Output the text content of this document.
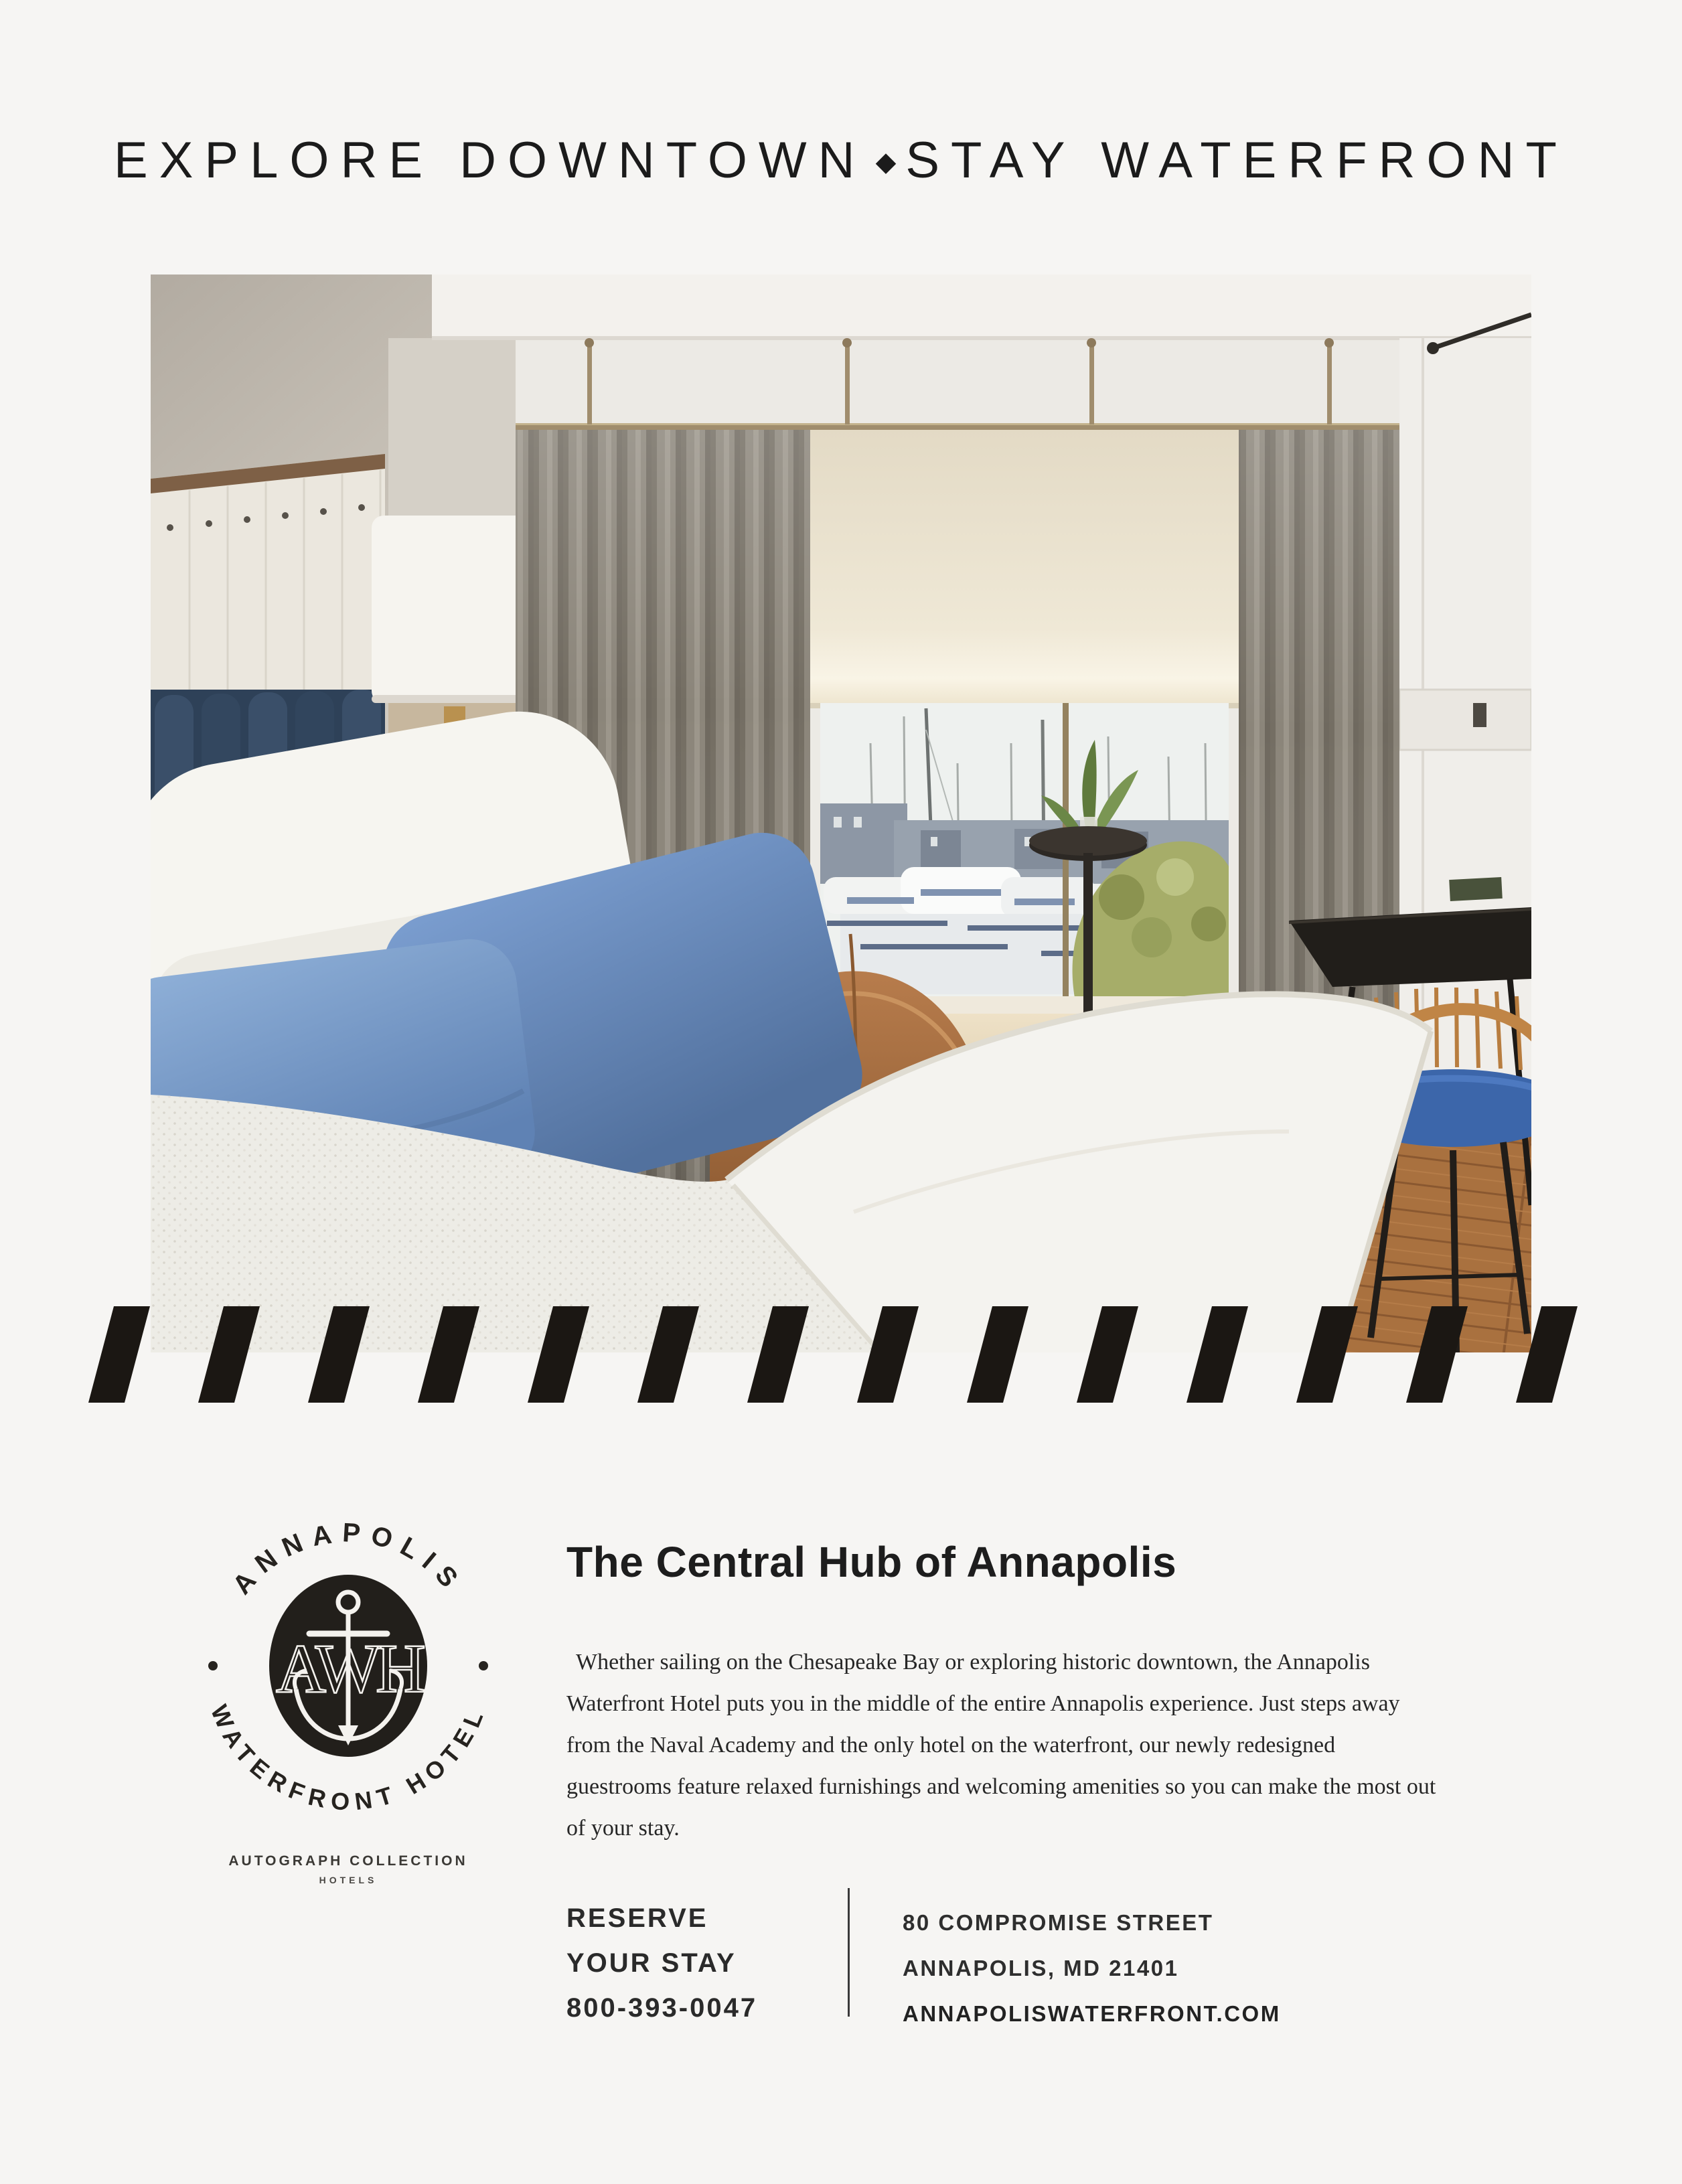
EXPLORE DOWNTOWN ◆ STAY WATERFRONT
ANNAPOLIS
WATERFRONT HOTEL
AWH
AUTOGRAPH COLLECTION
HOTELS
The Central Hub of Annapolis
Whether sailing on the Chesapeake Bay or exploring historic downtown, the Annapolis Waterfront Hotel puts you in the middle of the entire Annapolis experience. Just steps away from the Naval Academy and the only hotel on the waterfront, our newly redesigned guestrooms feature relaxed furnishings and welcoming amenities so you can make the most out of your stay.
RESERVE
YOUR STAY
800-393-0047
80 COMPROMISE STREET
ANNAPOLIS, MD 21401
ANNAPOLISWATERFRONT.COM
